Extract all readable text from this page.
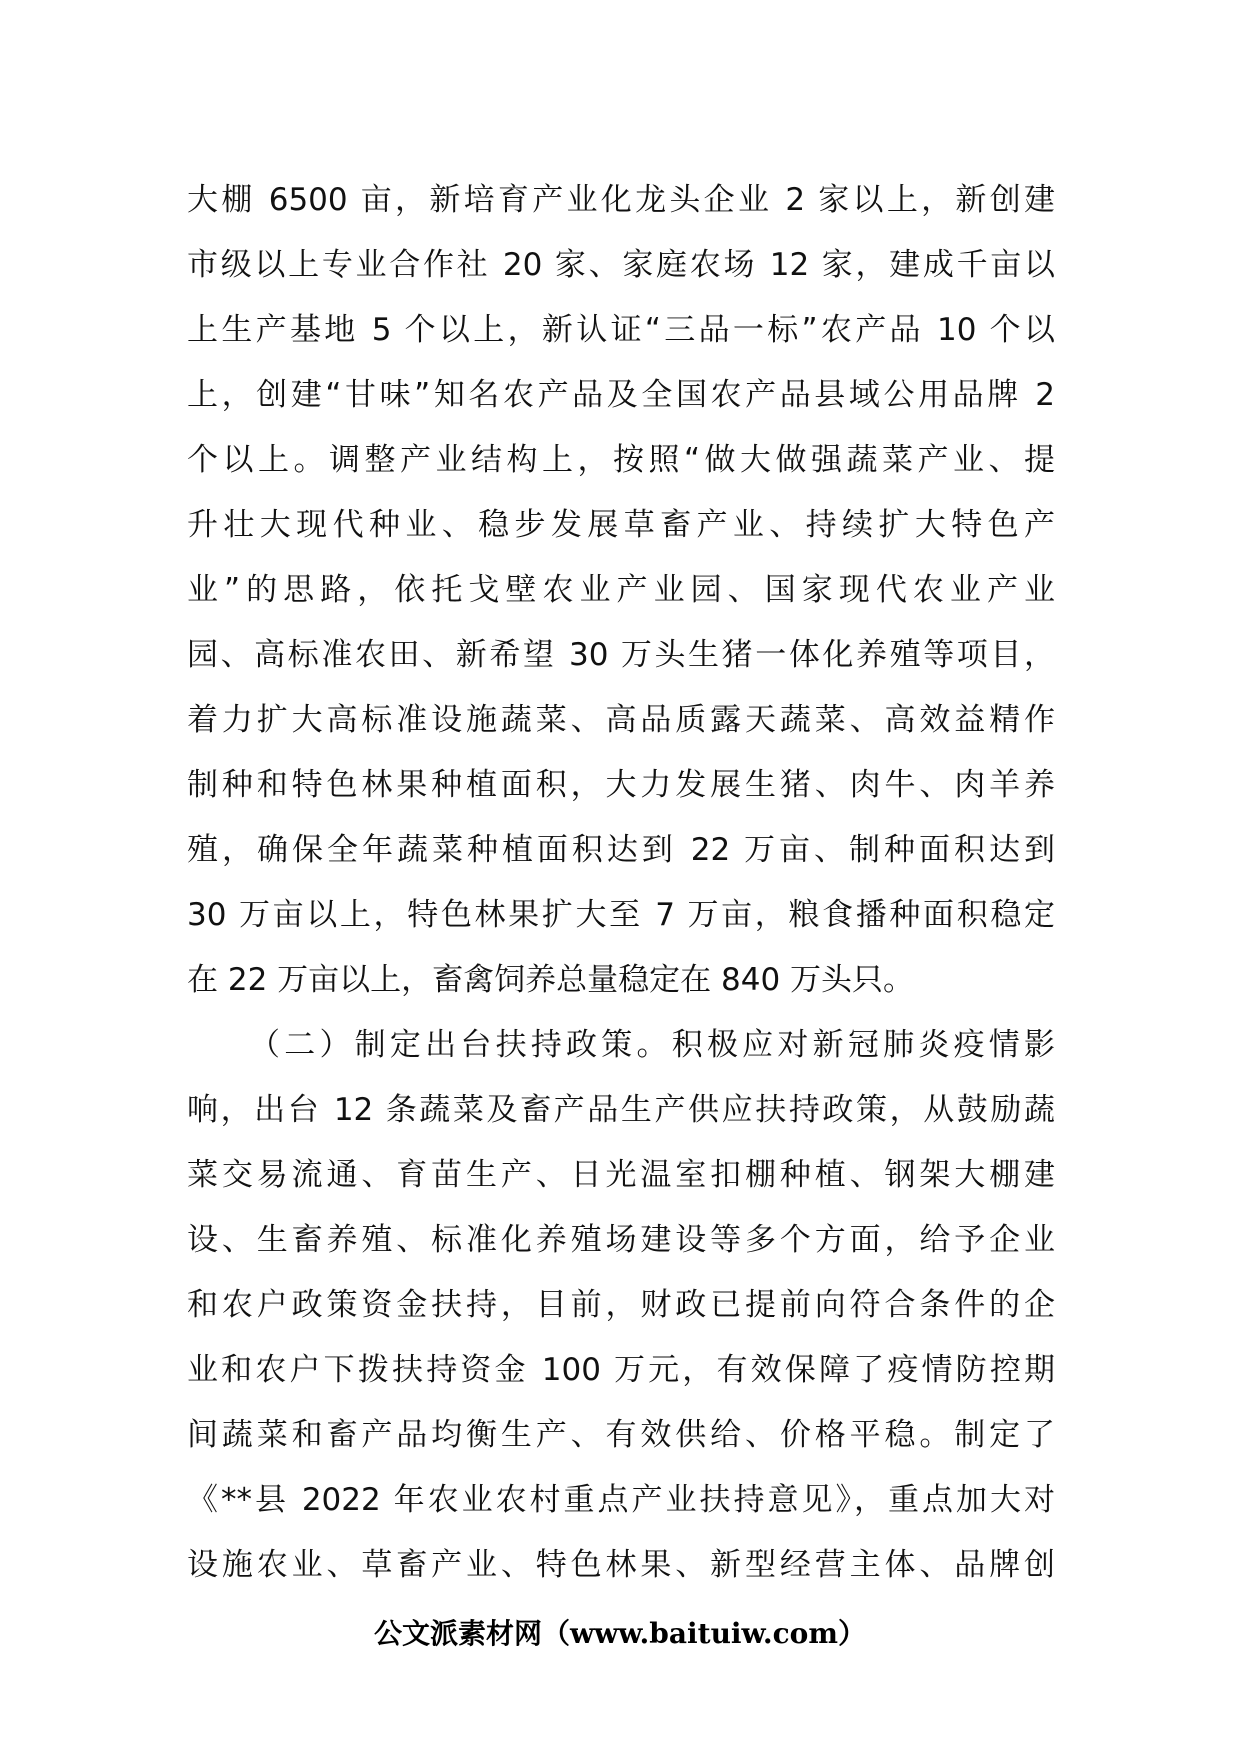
大棚 6500 亩，新培育产业化龙头企业 2 家以上，新创建
市级以上专业合作社 20 家、家庭农场 12 家，建成千亩以
上生产基地 5 个以上，新认证“三品一标”农产品 10 个以
上，创建“甘味”知名农产品及全国农产品县域公用品牌 2
个以上。调整产业结构上，按照“做大做强蔬菜产业、提
升壮大现代种业、稳步发展草畜产业、持续扩大特色产
业”的思路，依托戈壁农业产业园、国家现代农业产业
园、高标准农田、新希望 30 万头生猪一体化养殖等项目，
着力扩大高标准设施蔬菜、高品质露天蔬菜、高效益精作
制种和特色林果种植面积，大力发展生猪、肉牛、肉羊养
殖，确保全年蔬菜种植面积达到 22 万亩、制种面积达到
30 万亩以上，特色林果扩大至 7 万亩，粮食播种面积稳定
在 22 万亩以上，畜禽饲养总量稳定在 840 万头只。
（二）制定出台扶持政策。积极应对新冠肺炎疫情影
响，出台 12 条蔬菜及畜产品生产供应扶持政策，从鼓励蔬
菜交易流通、育苗生产、日光温室扣棚种植、钢架大棚建
设、生畜养殖、标准化养殖场建设等多个方面，给予企业
和农户政策资金扶持，目前，财政已提前向符合条件的企
业和农户下拨扶持资金 100 万元，有效保障了疫情防控期
间蔬菜和畜产品均衡生产、有效供给、价格平稳。制定了
《**县 2022 年农业农村重点产业扶持意见》，重点加大对
设施农业、草畜产业、特色林果、新型经营主体、品牌创
公文派素材网（www.baituiw.com）
